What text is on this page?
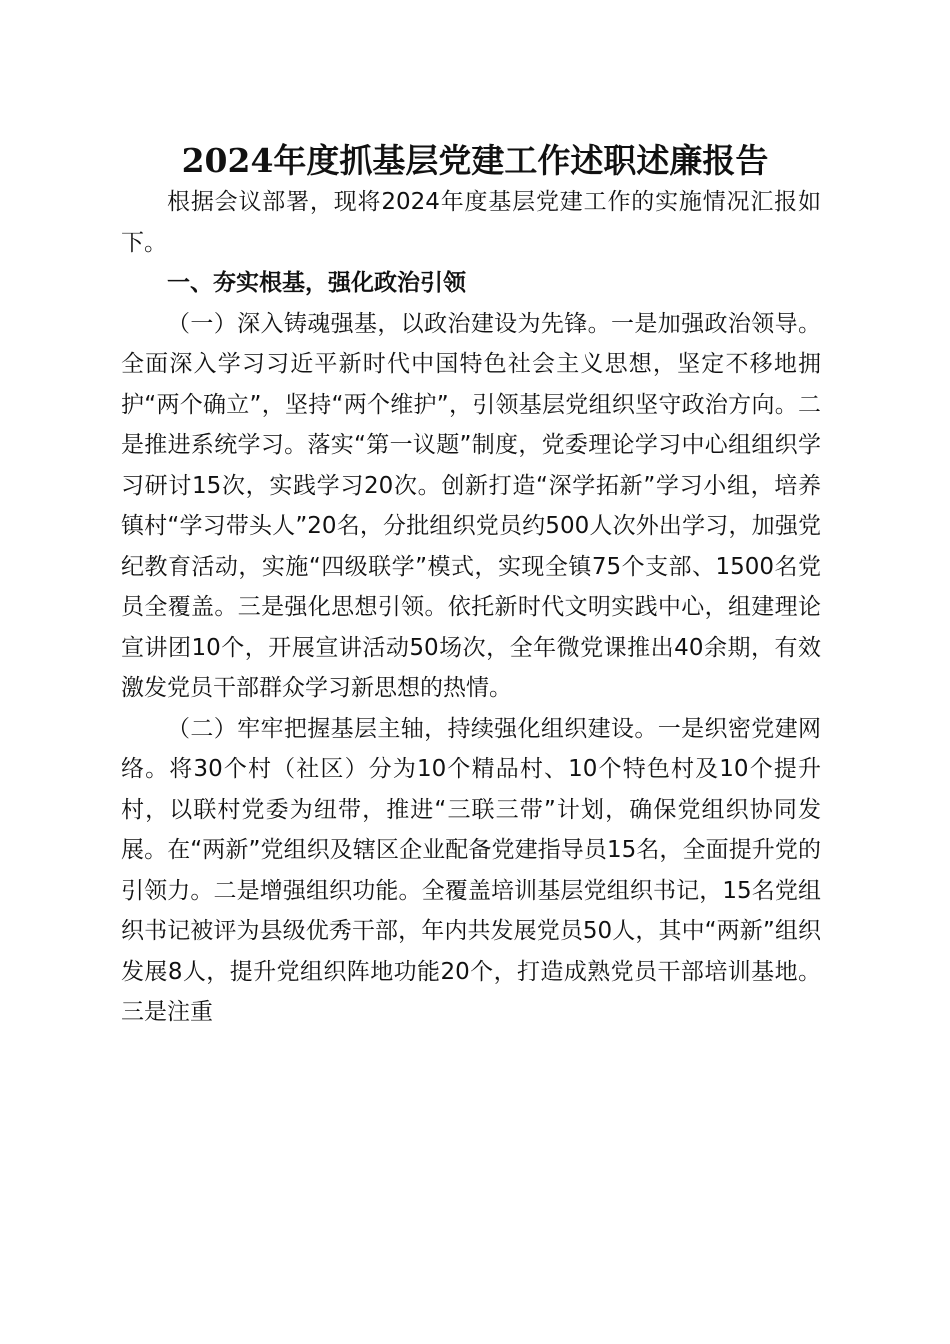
2024年度抓基层党建工作述职述廉报告

根据会议部署，现将2024年度基层党建工作的实施情况汇报如下。

一、夯实根基，强化政治引领

（一）深入铸魂强基，以政治建设为先锋。一是加强政治领导。全面深入学习习近平新时代中国特色社会主义思想，坚定不移地拥护“两个确立”，坚持“两个维护”，引领基层党组织坚守政治方向。二是推进系统学习。落实“第一议题”制度，党委理论学习中心组组织学习研讨15次，实践学习20次。创新打造“深学拓新”学习小组，培养镇村“学习带头人”20名，分批组织党员约500人次外出学习，加强党纪教育活动，实施“四级联学”模式，实现全镇75个支部、1500名党员全覆盖。三是强化思想引领。依托新时代文明实践中心，组建理论宣讲团10个，开展宣讲活动50场次，全年微党课推出40余期，有效激发党员干部群众学习新思想的热情。

（二）牢牢把握基层主轴，持续强化组织建设。一是织密党建网络。将30个村（社区）分为10个精品村、10个特色村及10个提升村，以联村党委为纽带，推进“三联三带”计划，确保党组织协同发展。在“两新”党组织及辖区企业配备党建指导员15名，全面提升党的引领力。二是增强组织功能。全覆盖培训基层党组织书记，15名党组织书记被评为县级优秀干部，年内共发展党员50人，其中“两新”组织发展8人，提升党组织阵地功能20个，打造成熟党员干部培训基地。三是注重
